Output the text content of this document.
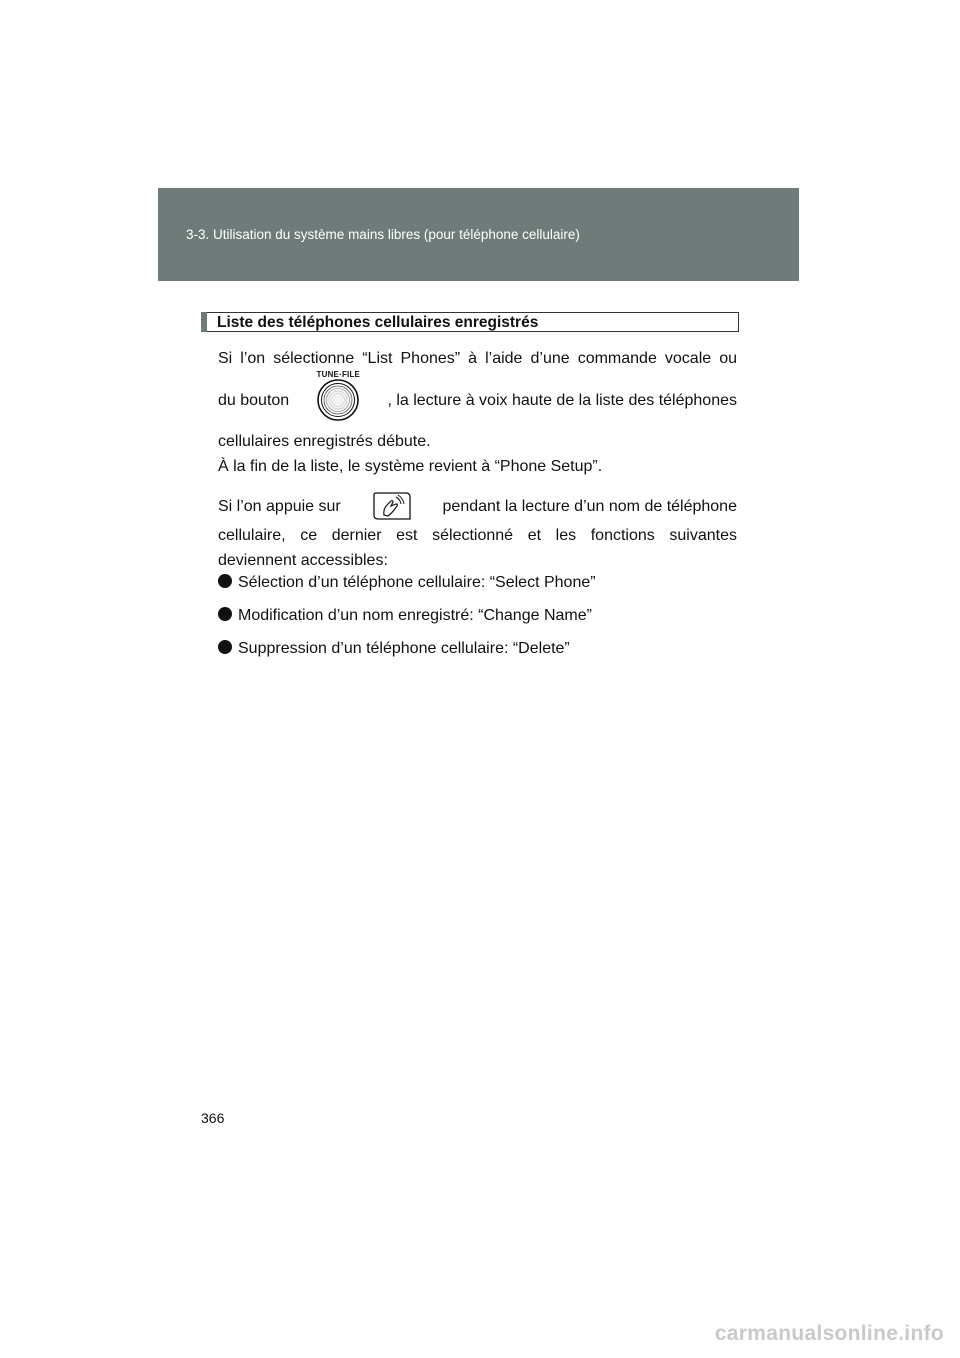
3-3. Utilisation du système mains libres (pour téléphone cellulaire)
Liste des téléphones cellulaires enregistrés
Si l’on sélectionne “List Phones” à l’aide d’une commande vocale ou
du bouton
TUNE·FILE
, la lecture à voix haute de la liste des téléphones
cellulaires enregistrés débute.
À la fin de la liste, le système revient à “Phone Setup”.
Si l’on appuie sur	pendant la lecture d’un nom de téléphone
cellulaire, ce dernier est sélectionné et les fonctions suivantes
deviennent accessibles:
Sélection d’un téléphone cellulaire: “Select Phone”
Modification d’un nom enregistré: “Change Name”
Suppression d’un téléphone cellulaire: “Delete”
366
carmanualsonline.info
